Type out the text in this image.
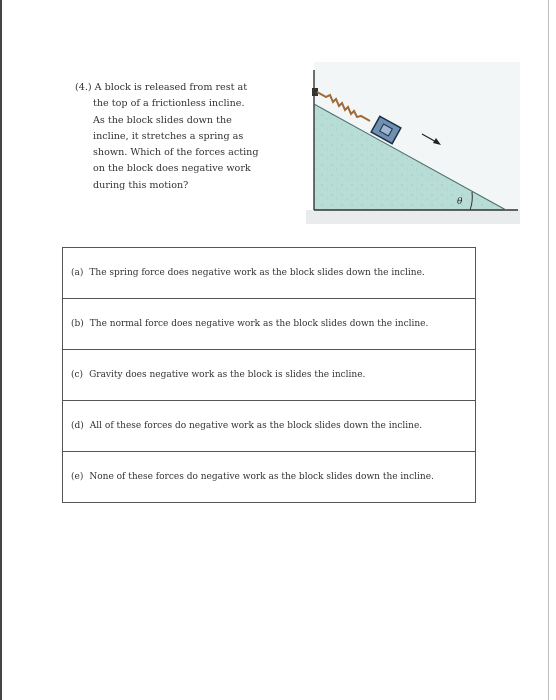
(4.) A block is released from rest at
the top of a frictionless incline.
As the block slides down the
incline, it stretches a spring as
shown. Which of the forces acting
on the block does negative work
during this motion?
θ
(a) The spring force does negative work as the block slides down the incline.
(b) The normal force does negative work as the block slides down the incline.
(c) Gravity does negative work as the block is slides the incline.
(d) All of these forces do negative work as the block slides down the incline.
(e) None of these forces do negative work as the block slides down the incline.
